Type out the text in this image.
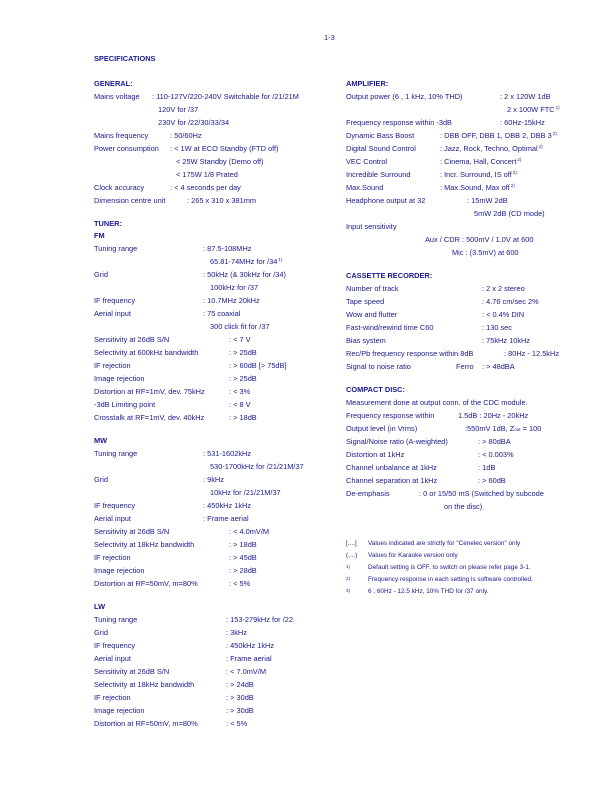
1-3
SPECIFICATIONS
GENERAL:
Mains voltage : 110-127V/220-240V Switchable for /21/21M
120V for /37
230V for /22/30/33/34
Mains frequency	: 50/60Hz
Power consumption : < 1W at ECO Standby (FTD off)
< 25W Standby (Demo off)
< 175W 1/8 Prated
Clock accuracy	: < 4 seconds per day
Dimension centre unit	: 265 x 310 x 381mm
TUNER:
FM
Tuning range	: 87.5-108MHz
65.81-74MHz for /34$^{1)}$
Grid	: 50kHz (& 30kHz for /34)
100kHz for /37
IF frequency	: 10.7MHz 20kHz
Aerial input	: 75 coaxial
300 click fit for /37
Sensitivity at 26dB S/N	: < 7 V
Selectivity at 600kHz bandwidth	: > 25dB
IF rejection	: > 60dB [> 75dB]
Image rejection	: > 25dB
Distortion at RF=1mV, dev. 75kHz	: < 3%
-3dB Limiting point	: < 8 V
Crosstalk at RF=1mV, dev. 40kHz	: > 18dB
MW
Tuning range	: 531-1602kHz
530-1700kHz for /21/21M/37
Grid	: 9kHz
10kHz for /21/21M/37
IF frequency	: 450kHz 1kHz
Aerial input	: Frame aerial
Sensitivity at 26dB S/N	: < 4.0mV/M
Selectivity at 18kHz bandwidth	: > 18dB
IF rejection	: > 45dB
Image rejection	: > 28dB
Distortion at RF=50mV, m=80%	: < 5%
LW
Tuning range	: 153-279kHz for /22
Grid	: 3kHz
IF frequency	: 450kHz 1kHz
Aerial input	: Frame aerial
Sensitivity at 26dB S/N	: < 7.0mV/M
Selectivity at 18kHz bandwidth	: > 24dB
IF rejection	: > 30dB
Image rejection	: > 30dB
Distortion at RF=50mV, m=80%	: < 5%
AMPLIFIER:
Output power (6 , 1 kHz, 10% THD)	: 2 x 120W 1dB
2 x 100W FTC$^{1)}$
Frequency response within -3dB	: 60Hz-15kHz
Dynamic Bass Boost	: DBB OFF, DBB 1, DBB 2, DBB 3$^{2)}$
Digital Sound Control	: Jazz, Rock, Techno, Optimal$^{2)}$
VEC Control	: Cinema, Hall, Concert$^{2)}$
Incredible Surround	: Incr. Surround, IS off$^{2)}$
Max.Sound	: Max.Sound, Max off$^{2)}$
Headphone output at 32	: 15mW 2dB
5mW 2dB (CD mode)
Input sensitivity
Aux / CDR : 500mV / 1.0V at 600
Mic : (3.5mV) at 600
CASSETTE RECORDER:
Number of track	: 2 x 2 stereo
Tape speed	: 4.76 cm/sec 2%
Wow and flutter	: < 0.4% DIN
Fast-wind/rewind time C60	: 130 sec
Bias system	: 75kHz 10kHz
Rec/Pb frequency response within 8dB	: 80Hz - 12.5kHz
Signal to noise ratio	Ferro : > 48dBA
COMPACT DISC:
Measurement done at output conn. of the CDC module.
Frequency response within	1.5dB : 20Hz - 20kHz
Output level (in Vrms)	:550mV 1dB, Zout = 100
Signal/Noise ratio (A-weighted)	: > 80dBA
Distortion at 1kHz	: < 0.003%
Channel unbalance at 1kHz	: 1dB
Channel separation at 1kHz	: > 60dB
De-emphasis	: 0 or 15/50 mS (Switched by subcode
on the disc)
[....] Values indicated are strictly for "Cenelec version" only
(....) Values for Karaoke version only
1)	Default setting is OFF, to switch on please refer page 3-1.
2)	Frequency response in each setting is software controlled.
3)	6 , 60Hz - 12.5 kHz, 10% THD for /37 only.
